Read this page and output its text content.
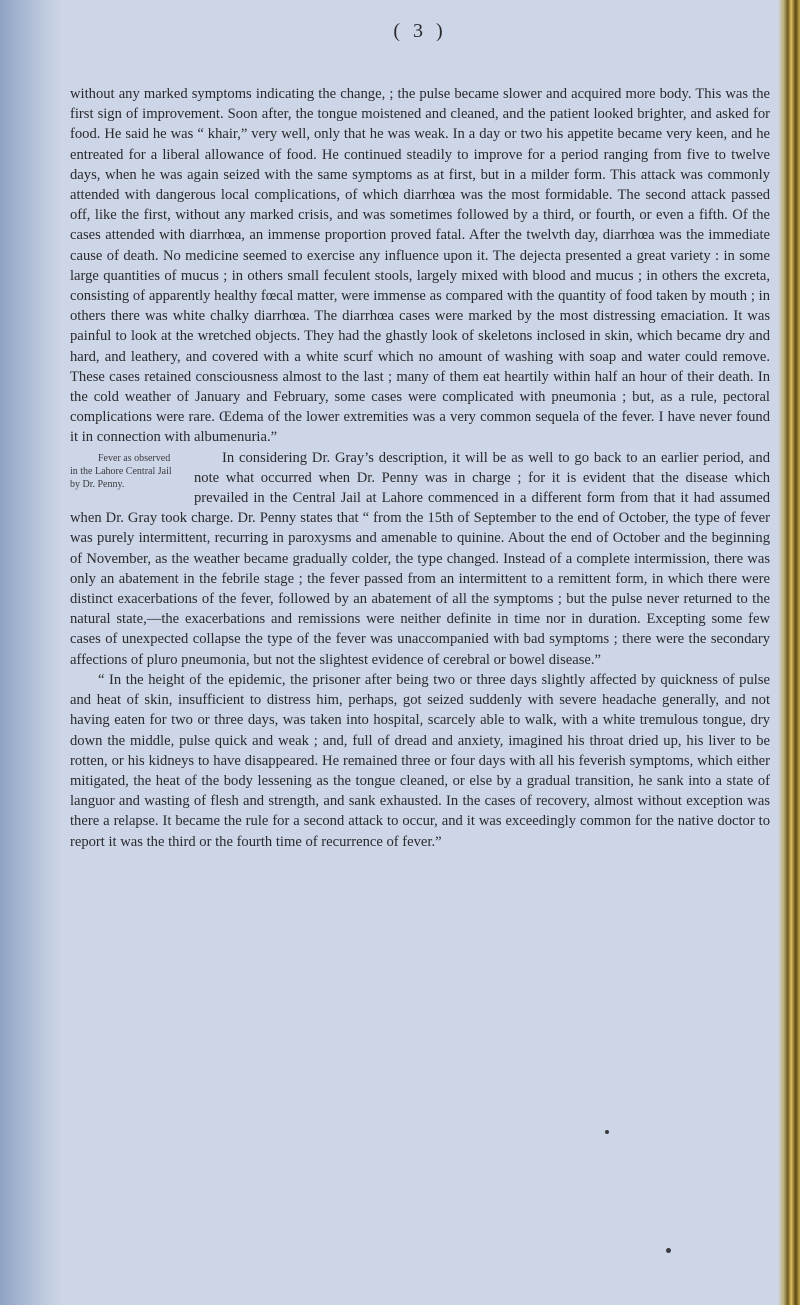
( 3 )

without any marked symptoms indicating the change, ; the pulse became slower and acquired more body. This was the first sign of improvement. Soon after, the tongue moistened and cleaned, and the patient looked brighter, and asked for food. He said he was “ khair,” very well, only that he was weak. In a day or two his appetite became very keen, and he entreated for a liberal allowance of food. He continued steadily to improve for a period ranging from five to twelve days, when he was again seized with the same symptoms as at first, but in a milder form. This attack was commonly attended with dangerous local complications, of which diarrhœa was the most formidable. The second attack passed off, like the first, without any marked crisis, and was sometimes followed by a third, or fourth, or even a fifth. Of the cases attended with diarrhœa, an immense proportion proved fatal. After the twelvth day, diarrhœa was the immediate cause of death. No medicine seemed to exercise any influence upon it. The dejecta presented a great variety : in some large quantities of mucus ; in others small feculent stools, largely mixed with blood and mucus ; in others the excreta, consisting of apparently healthy fœcal matter, were immense as compared with the quantity of food taken by mouth ; in others there was white chalky diarrhœa. The diarrhœa cases were marked by the most distressing emaciation. It was painful to look at the wretched objects. They had the ghastly look of skeletons inclosed in skin, which became dry and hard, and leathery, and covered with a white scurf which no amount of washing with soap and water could remove. These cases retained consciousness almost to the last ; many of them eat heartily within half an hour of their death. In the cold weather of January and February, some cases were complicated with pneumonia ; but, as a rule, pectoral complications were rare. Œdema of the lower extremities was a very common sequela of the fever. I have never found it in connection with albumenuria.”

Fever as observed in the Lahore Central Jail by Dr. Penny.
In considering Dr. Gray’s description, it will be as well to go back to an earlier period, and note what occurred when Dr. Penny was in charge ; for it is evident that the disease which prevailed in the Central Jail at Lahore commenced in a different form from that it had assumed when Dr. Gray took charge. Dr. Penny states that “ from the 15th of September to the end of October, the type of fever was purely intermittent, recurring in paroxysms and amenable to quinine. About the end of October and the beginning of November, as the weather became gradually colder, the type changed. Instead of a complete intermission, there was only an abatement in the febrile stage ; the fever passed from an intermittent to a remittent form, in which there were distinct exacerbations of the fever, followed by an abatement of all the symptoms ; but the pulse never returned to the natural state,—the exacerbations and remissions were neither definite in time nor in duration. Excepting some few cases of unexpected collapse the type of the fever was unaccompanied with bad symptoms ; there were the secondary affections of pluro pneumonia, but not the slightest evidence of cerebral or bowel disease.”

“ In the height of the epidemic, the prisoner after being two or three days slightly affected by quickness of pulse and heat of skin, insufficient to distress him, perhaps, got seized suddenly with severe headache generally, and not having eaten for two or three days, was taken into hospital, scarcely able to walk, with a white tremulous tongue, dry down the middle, pulse quick and weak ; and, full of dread and anxiety, imagined his throat dried up, his liver to be rotten, or his kidneys to have disappeared. He remained three or four days with all his feverish symptoms, which either mitigated, the heat of the body lessening as the tongue cleaned, or else by a gradual transition, he sank into a state of languor and wasting of flesh and strength, and sank exhausted. In the cases of recovery, almost without exception was there a relapse. It became the rule for a second attack to occur, and it was exceedingly common for the native doctor to report it was the third or the fourth time of recurrence of fever.”
